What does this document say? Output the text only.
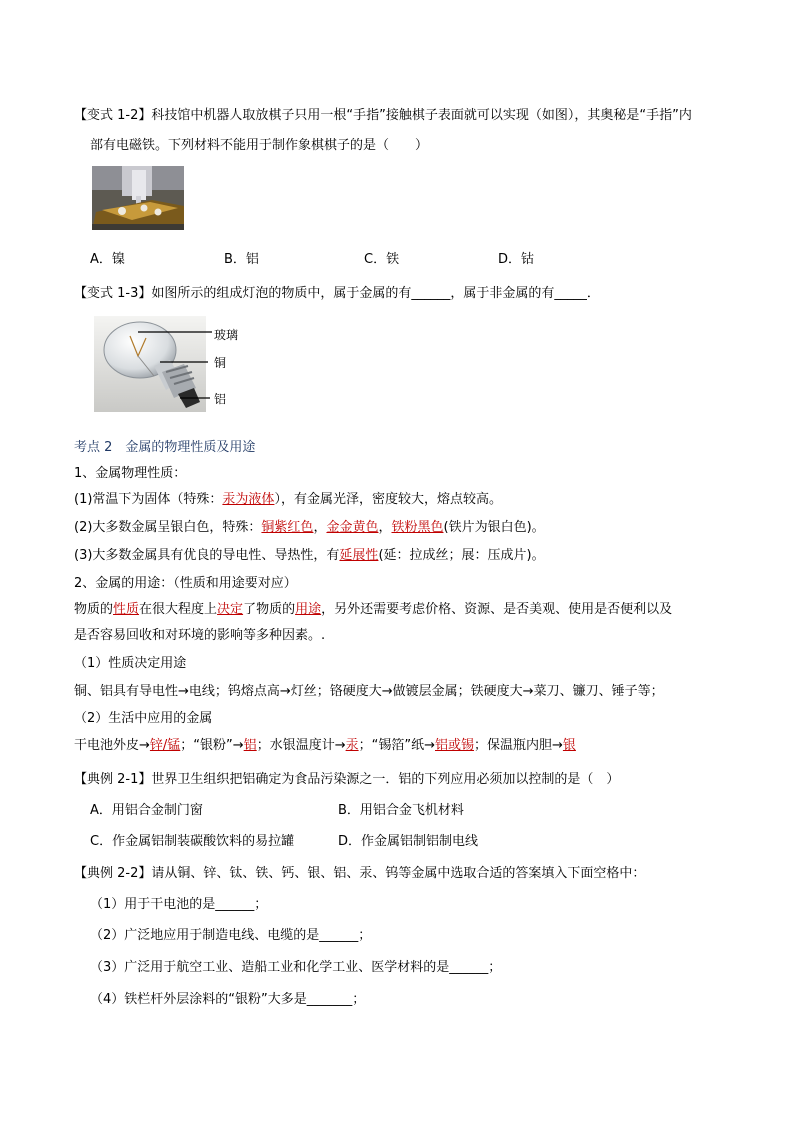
【变式 1-2】科技馆中机器人取放棋子只用一根“手指”接触棋子表面就可以实现（如图），其奥秘是“手指”内
部有电磁铁。下列材料不能用于制作象棋棋子的是（　　）
A．镍	B．铝	C．铁	D．钴
【变式 1-3】如图所示的组成灯泡的物质中，属于金属的有______，属于非金属的有_____．
玻璃
铜
铝
考点 2　金属的物理性质及用途
1、金属物理性质：
(1)常温下为固体（特殊：汞为液体），有金属光泽，密度较大，熔点较高。
(2)大多数金属呈银白色，特殊：铜紫红色，金金黄色，铁粉黑色(铁片为银白色)。
(3)大多数金属具有优良的导电性、导热性，有延展性(延：拉成丝；展：压成片)。
2、金属的用途：（性质和用途要对应）
物质的性质在很大程度上决定了物质的用途，另外还需要考虑价格、资源、是否美观、使用是否便利以及
是否容易回收和对环境的影响等多种因素。.
（1）性质决定用途
铜、铝具有导电性→电线；钨熔点高→灯丝；铬硬度大→做镀层金属；铁硬度大→菜刀、镰刀、锤子等；
（2）生活中应用的金属
干电池外皮→锌/锰；“银粉”→铝；水银温度计→汞；“锡箔”纸→铝或锡；保温瓶内胆→银
【典例 2-1】世界卫生组织把铝确定为食品污染源之一．铝的下列应用必须加以控制的是（　）
A．用铝合金制门窗	B．用铝合金飞机材料
C．作金属铝制装碳酸饮料的易拉罐	D．作金属铝制铝制电线
【典例 2-2】请从铜、锌、钛、铁、钙、银、铝、汞、钨等金属中选取合适的答案填入下面空格中：
（1）用于干电池的是______；
（2）广泛地应用于制造电线、电缆的是______；
（3）广泛用于航空工业、造船工业和化学工业、医学材料的是______；
（4）铁栏杆外层涂料的“银粉”大多是_______；
